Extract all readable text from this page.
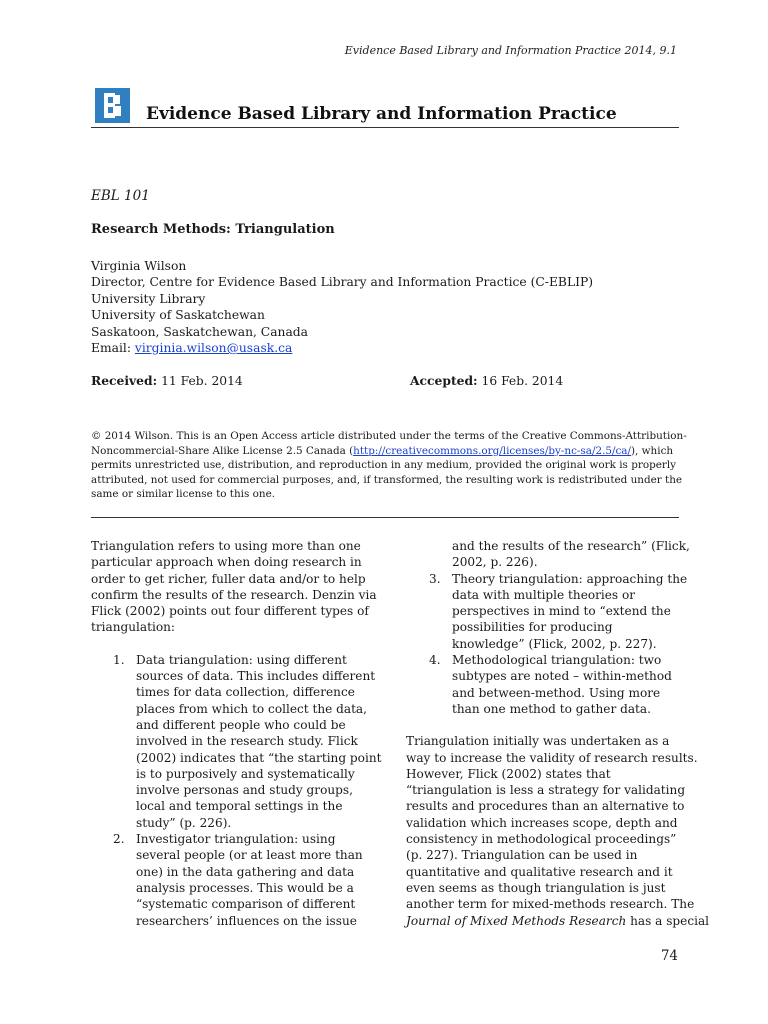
Evidence Based Library and Information Practice 2014, 9.1
Evidence Based Library and Information Practice
EBL 101
Research Methods: Triangulation
Virginia Wilson
Director, Centre for Evidence Based Library and Information Practice (C-EBLIP)
University Library
University of Saskatchewan
Saskatoon, Saskatchewan, Canada
Email: virginia.wilson@usask.ca
Received: 11 Feb. 2014	Accepted: 16 Feb. 2014
© 2014 Wilson. This is an Open Access article distributed under the terms of the Creative Commons-Attribution-
Noncommercial-Share Alike License 2.5 Canada (http://creativecommons.org/licenses/by-nc-sa/2.5/ca/), which
permits unrestricted use, distribution, and reproduction in any medium, provided the original work is properly
attributed, not used for commercial purposes, and, if transformed, the resulting work is redistributed under the
same or similar license to this one.
Triangulation refers to using more than one
particular approach when doing research in
order to get richer, fuller data and/or to help
confirm the results of the research. Denzin via
Flick (2002) points out four different types of
triangulation:
1. Data triangulation: using different
sources of data. This includes different
times for data collection, difference
places from which to collect the data,
and different people who could be
involved in the research study. Flick
(2002) indicates that “the starting point
is to purposively and systematically
involve personas and study groups,
local and temporal settings in the
study” (p. 226).
2. Investigator triangulation: using
several people (or at least more than
one) in the data gathering and data
analysis processes. This would be a
“systematic comparison of different
researchers’ influences on the issue
and the results of the research” (Flick,
2002, p. 226).
3. Theory triangulation: approaching the
data with multiple theories or
perspectives in mind to “extend the
possibilities for producing
knowledge” (Flick, 2002, p. 227).
4. Methodological triangulation: two
subtypes are noted – within-method
and between-method. Using more
than one method to gather data.
Triangulation initially was undertaken as a
way to increase the validity of research results.
However, Flick (2002) states that
“triangulation is less a strategy for validating
results and procedures than an alternative to
validation which increases scope, depth and
consistency in methodological proceedings”
(p. 227). Triangulation can be used in
quantitative and qualitative research and it
even seems as though triangulation is just
another term for mixed-methods research. The
Journal of Mixed Methods Research has a special
74
